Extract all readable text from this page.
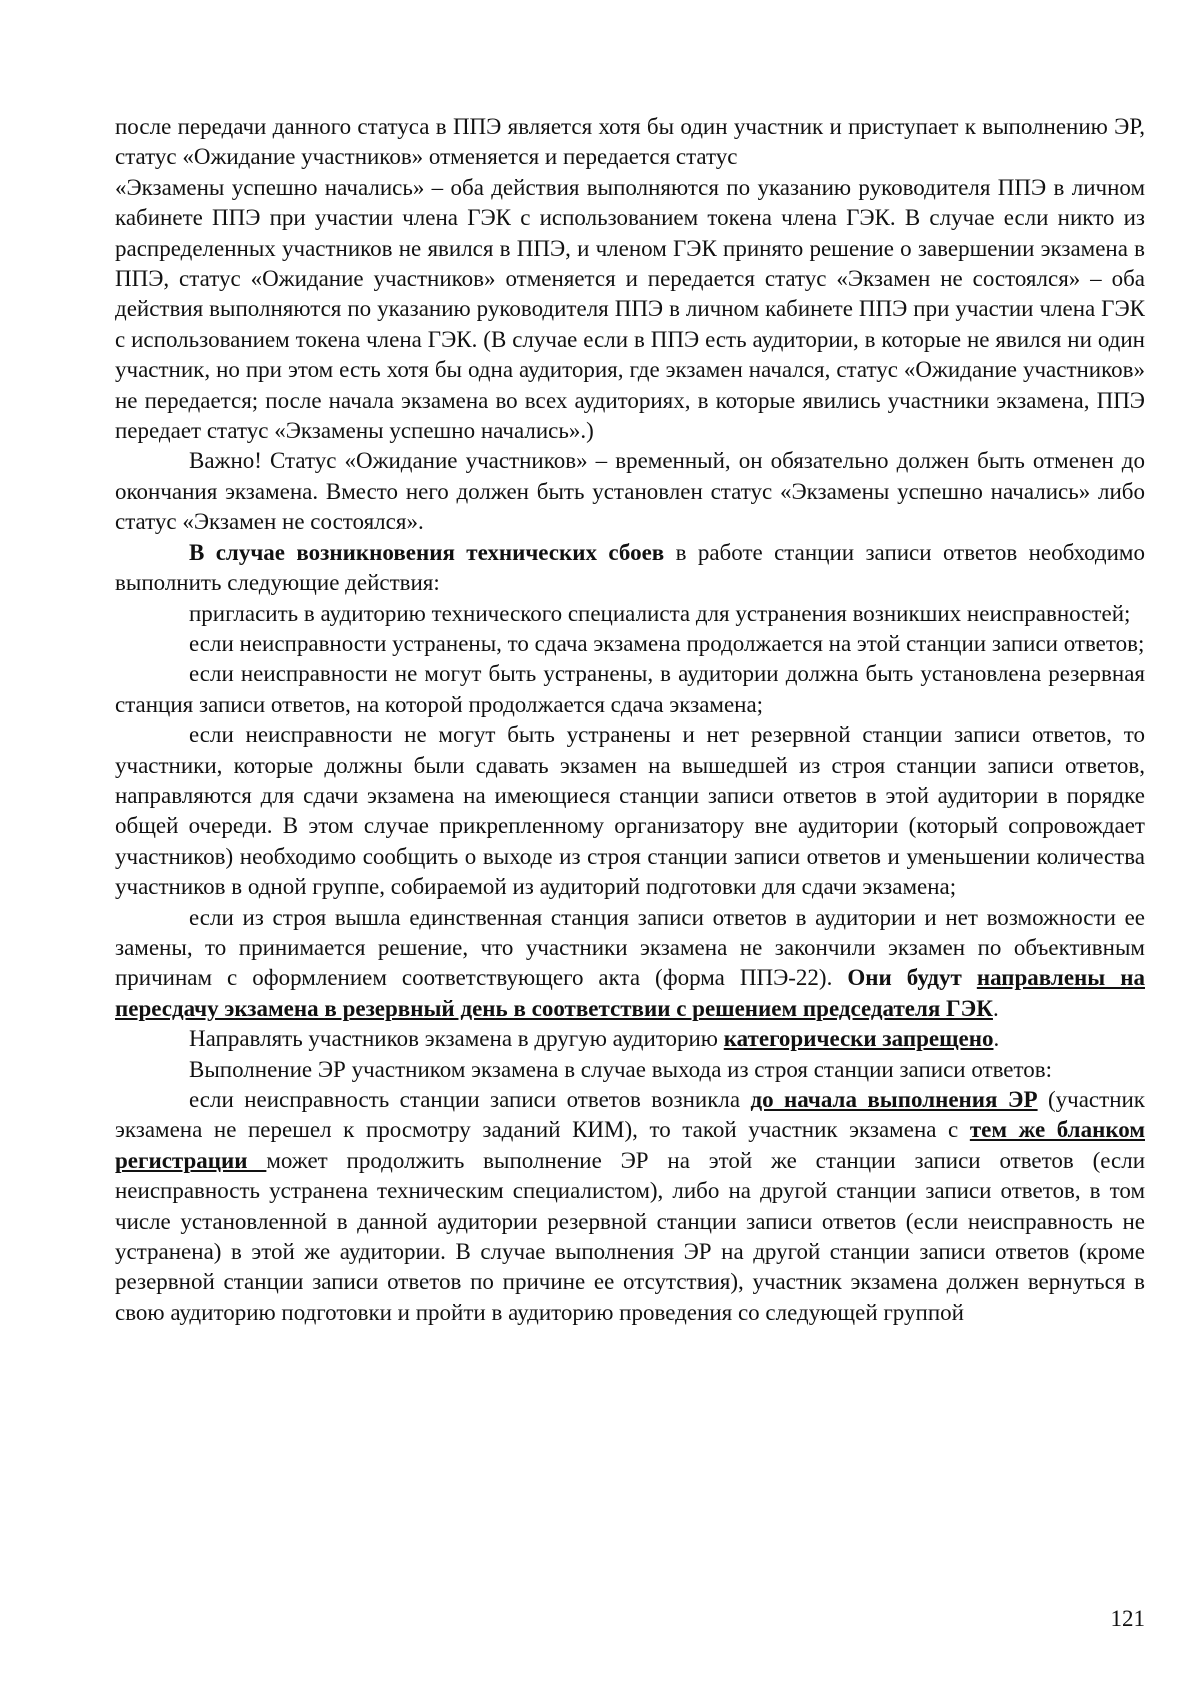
после передачи данного статуса в ППЭ является хотя бы один участник и приступает к выполнению ЭР, статус «Ожидание участников» отменяется и передается статус

«Экзамены успешно начались» – оба действия выполняются по указанию руководителя ППЭ в личном кабинете ППЭ при участии члена ГЭК с использованием токена члена ГЭК. В случае если никто из распределенных участников не явился в ППЭ, и членом ГЭК принято решение о завершении экзамена в ППЭ, статус «Ожидание участников» отменяется и передается статус «Экзамен не состоялся» – оба действия выполняются по указанию руководителя ППЭ в личном кабинете ППЭ при участии члена ГЭК с использованием токена члена ГЭК. (В случае если в ППЭ есть аудитории, в которые не явился ни один участник, но при этом есть хотя бы одна аудитория, где экзамен начался, статус «Ожидание участников» не передается; после начала экзамена во всех аудиториях, в которые явились участники экзамена, ППЭ передает статус «Экзамены успешно начались».)

Важно! Статус «Ожидание участников» – временный, он обязательно должен быть отменен до окончания экзамена. Вместо него должен быть установлен статус «Экзамены успешно начались» либо статус «Экзамен не состоялся».

В случае возникновения технических сбоев в работе станции записи ответов необходимо выполнить следующие действия:

пригласить в аудиторию технического специалиста для устранения возникших неисправностей;

если неисправности устранены, то сдача экзамена продолжается на этой станции записи ответов;

если неисправности не могут быть устранены, в аудитории должна быть установлена резервная станция записи ответов, на которой продолжается сдача экзамена;

если неисправности не могут быть устранены и нет резервной станции записи ответов, то участники, которые должны были сдавать экзамен на вышедшей из строя станции записи ответов, направляются для сдачи экзамена на имеющиеся станции записи ответов в этой аудитории в порядке общей очереди. В этом случае прикрепленному организатору вне аудитории (который сопровождает участников) необходимо сообщить о выходе из строя станции записи ответов и уменьшении количества участников в одной группе, собираемой из аудиторий подготовки для сдачи экзамена;

если из строя вышла единственная станция записи ответов в аудитории и нет возможности ее замены, то принимается решение, что участники экзамена не закончили экзамен по объективным причинам с оформлением соответствующего акта (форма ППЭ-22). Они будут направлены на пересдачу экзамена в резервный день в соответствии с решением председателя ГЭК.

Направлять участников экзамена в другую аудиторию категорически запрещено.

Выполнение ЭР участником экзамена в случае выхода из строя станции записи ответов:

если неисправность станции записи ответов возникла до начала выполнения ЭР (участник экзамена не перешел к просмотру заданий КИМ), то такой участник экзамена с тем же бланком регистрации может продолжить выполнение ЭР на этой же станции записи ответов (если неисправность устранена техническим специалистом), либо на другой станции записи ответов, в том числе установленной в данной аудитории резервной станции записи ответов (если неисправность не устранена) в этой же аудитории. В случае выполнения ЭР на другой станции записи ответов (кроме резервной станции записи ответов по причине ее отсутствия), участник экзамена должен вернуться в свою аудиторию подготовки и пройти в аудиторию проведения со следующей группой

121
